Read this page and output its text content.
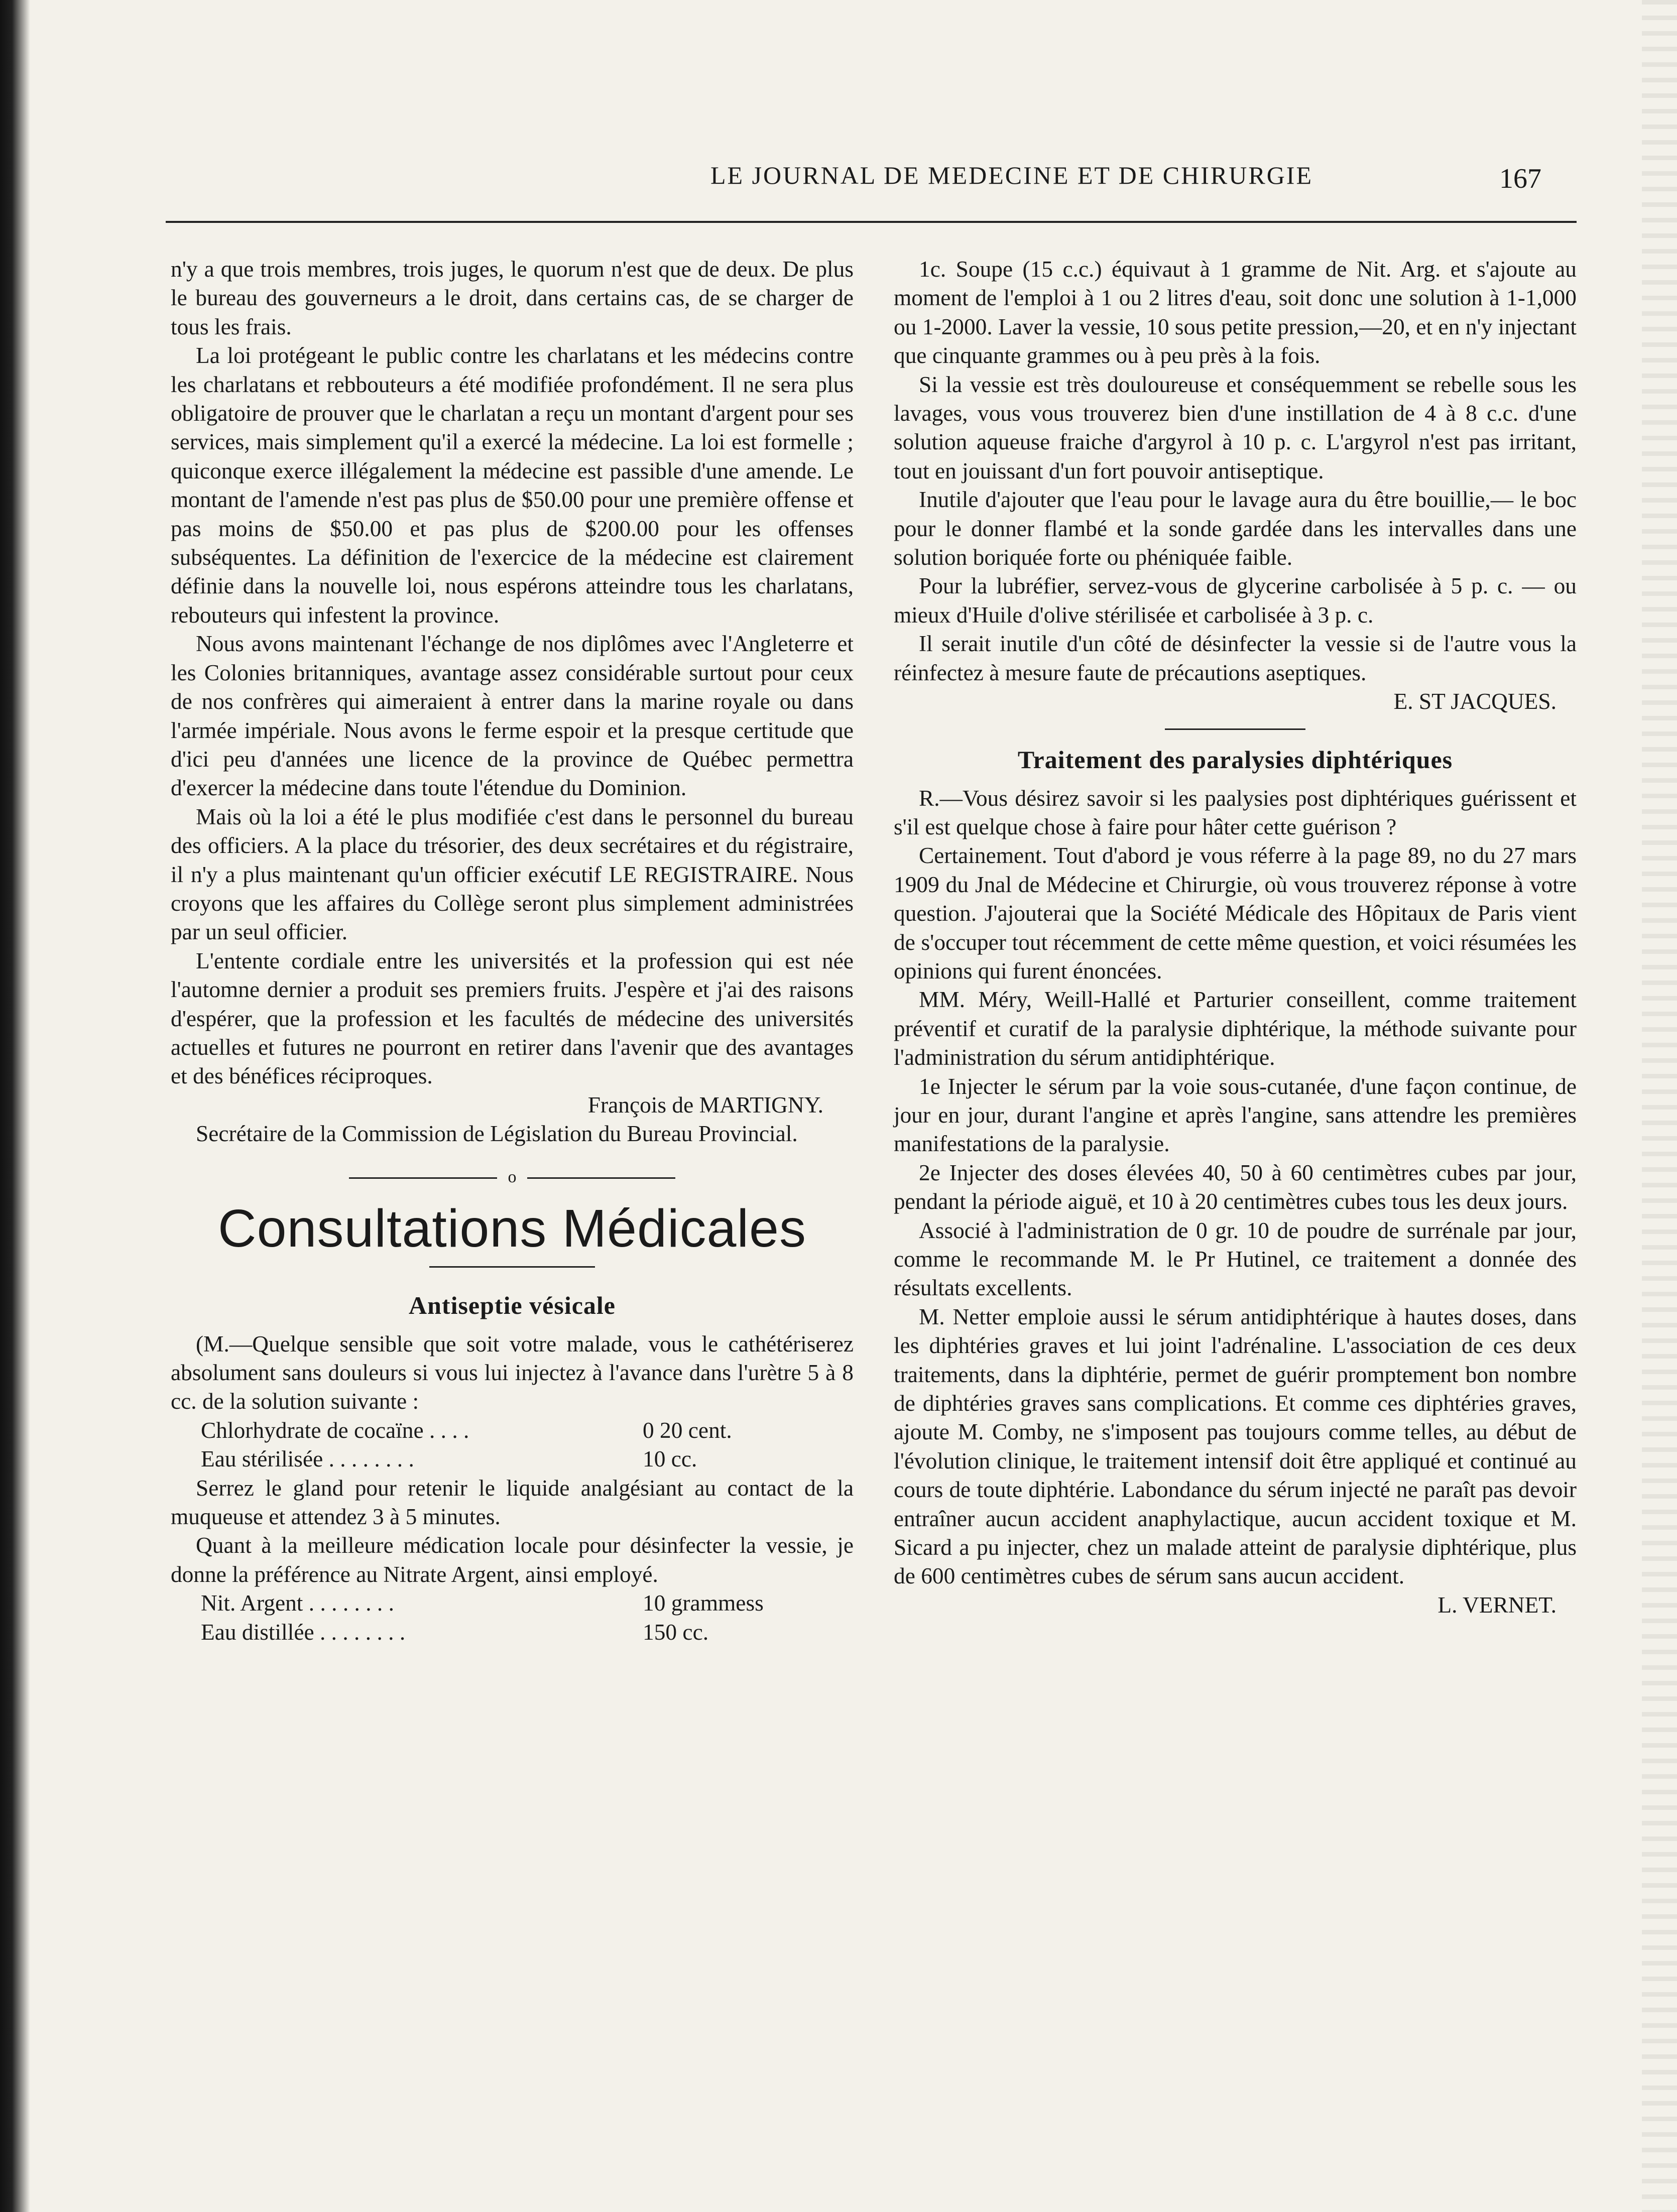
LE JOURNAL DE MEDECINE ET DE CHIRURGIE	167

n'y a que trois membres, trois juges, le quorum n'est que de deux. De plus le bureau des gouverneurs a le droit, dans certains cas, de se charger de tous les frais.

La loi protégeant le public contre les charlatans et les médecins contre les charlatans et rebbouteurs a été modifiée profondément. Il ne sera plus obligatoire de prouver que le charlatan a reçu un montant d'argent pour ses services, mais simplement qu'il a exercé la médecine. La loi est formelle ; quiconque exerce illégalement la médecine est passible d'une amende. Le montant de l'amende n'est pas plus de $50.00 pour une première offense et pas moins de $50.00 et pas plus de $200.00 pour les offenses subséquentes. La définition de l'exercice de la médecine est clairement définie dans la nouvelle loi, nous espérons atteindre tous les charlatans, rebouteurs qui infestent la province.

Nous avons maintenant l'échange de nos diplômes avec l'Angleterre et les Colonies britanniques, avantage assez considérable surtout pour ceux de nos confrères qui aimeraient à entrer dans la marine royale ou dans l'armée impériale. Nous avons le ferme espoir et la presque certitude que d'ici peu d'années une licence de la province de Québec permettra d'exercer la médecine dans toute l'étendue du Dominion.

Mais où la loi a été le plus modifiée c'est dans le personnel du bureau des officiers. A la place du trésorier, des deux secrétaires et du régistraire, il n'y a plus maintenant qu'un officier exécutif LE REGISTRAIRE. Nous croyons que les affaires du Collège seront plus simplement administrées par un seul officier.

L'entente cordiale entre les universités et la profession qui est née l'automne dernier a produit ses premiers fruits. J'espère et j'ai des raisons d'espérer, que la profession et les facultés de médecine des universités actuelles et futures ne pourront en retirer dans l'avenir que des avantages et des bénéfices réciproques.

François de MARTIGNY.

Secrétaire de la Commission de Législation du Bureau Provincial.

o
Consultations Médicales
Antiseptie vésicale

(M.—Quelque sensible que soit votre malade, vous le cathétériserez absolument sans douleurs si vous lui injectez à l'avance dans l'urètre 5 à 8 cc. de la solution suivante :

Chlorhydrate de cocaïne . . . .	0 20 cent.
Eau stérilisée . . . . . . . .	10 cc.

Serrez le gland pour retenir le liquide analgésiant au contact de la muqueuse et attendez 3 à 5 minutes.

Quant à la meilleure médication locale pour désinfecter la vessie, je donne la préférence au Nitrate Argent, ainsi employé.

Nit. Argent . . . . . . . .	10 grammess
Eau distillée . . . . . . . .	150 cc.

1c. Soupe (15 c.c.) équivaut à 1 gramme de Nit. Arg. et s'ajoute au moment de l'emploi à 1 ou 2 litres d'eau, soit donc une solution à 1-1,000 ou 1-2000. Laver la vessie, 10 sous petite pression,—20, et en n'y injectant que cinquante grammes ou à peu près à la fois.

Si la vessie est très douloureuse et conséquemment se rebelle sous les lavages, vous vous trouverez bien d'une instillation de 4 à 8 c.c. d'une solution aqueuse fraiche d'argyrol à 10 p. c. L'argyrol n'est pas irritant, tout en jouissant d'un fort pouvoir antiseptique.

Inutile d'ajouter que l'eau pour le lavage aura du être bouillie,— le boc pour le donner flambé et la sonde gardée dans les intervalles dans une solution boriquée forte ou phéniquée faible.

Pour la lubréfier, servez-vous de glycerine carbolisée à 5 p. c. — ou mieux d'Huile d'olive stérilisée et carbolisée à 3 p. c.

Il serait inutile d'un côté de désinfecter la vessie si de l'autre vous la réinfectez à mesure faute de précautions aseptiques.

E. ST JACQUES.

Traitement des paralysies diphtériques

R.—Vous désirez savoir si les paalysies post diphtériques guérissent et s'il est quelque chose à faire pour hâter cette guérison ?

Certainement. Tout d'abord je vous réferre à la page 89, no du 27 mars 1909 du Jnal de Médecine et Chirurgie, où vous trouverez réponse à votre question. J'ajouterai que la Société Médicale des Hôpitaux de Paris vient de s'occuper tout récemment de cette même question, et voici résumées les opinions qui furent énoncées.

MM. Méry, Weill-Hallé et Parturier conseillent, comme traitement préventif et curatif de la paralysie diphtérique, la méthode suivante pour l'administration du sérum antidiphtérique.

1e Injecter le sérum par la voie sous-cutanée, d'une façon continue, de jour en jour, durant l'angine et après l'angine, sans attendre les premières manifestations de la paralysie.

2e Injecter des doses élevées 40, 50 à 60 centimètres cubes par jour, pendant la période aiguë, et 10 à 20 centimètres cubes tous les deux jours.

Associé à l'administration de 0 gr. 10 de poudre de surrénale par jour, comme le recommande M. le Pr Hutinel, ce traitement a donnée des résultats excellents.

M. Netter emploie aussi le sérum antidiphtérique à hautes doses, dans les diphtéries graves et lui joint l'adrénaline. L'association de ces deux traitements, dans la diphtérie, permet de guérir promptement bon nombre de diphtéries graves sans complications. Et comme ces diphtéries graves, ajoute M. Comby, ne s'imposent pas toujours comme telles, au début de l'évolution clinique, le traitement intensif doit être appliqué et continué au cours de toute diphtérie. Labondance du sérum injecté ne paraît pas devoir entraîner aucun accident anaphylactique, aucun accident toxique et M. Sicard a pu injecter, chez un malade atteint de paralysie diphtérique, plus de 600 centimètres cubes de sérum sans aucun accident.

L. VERNET.
